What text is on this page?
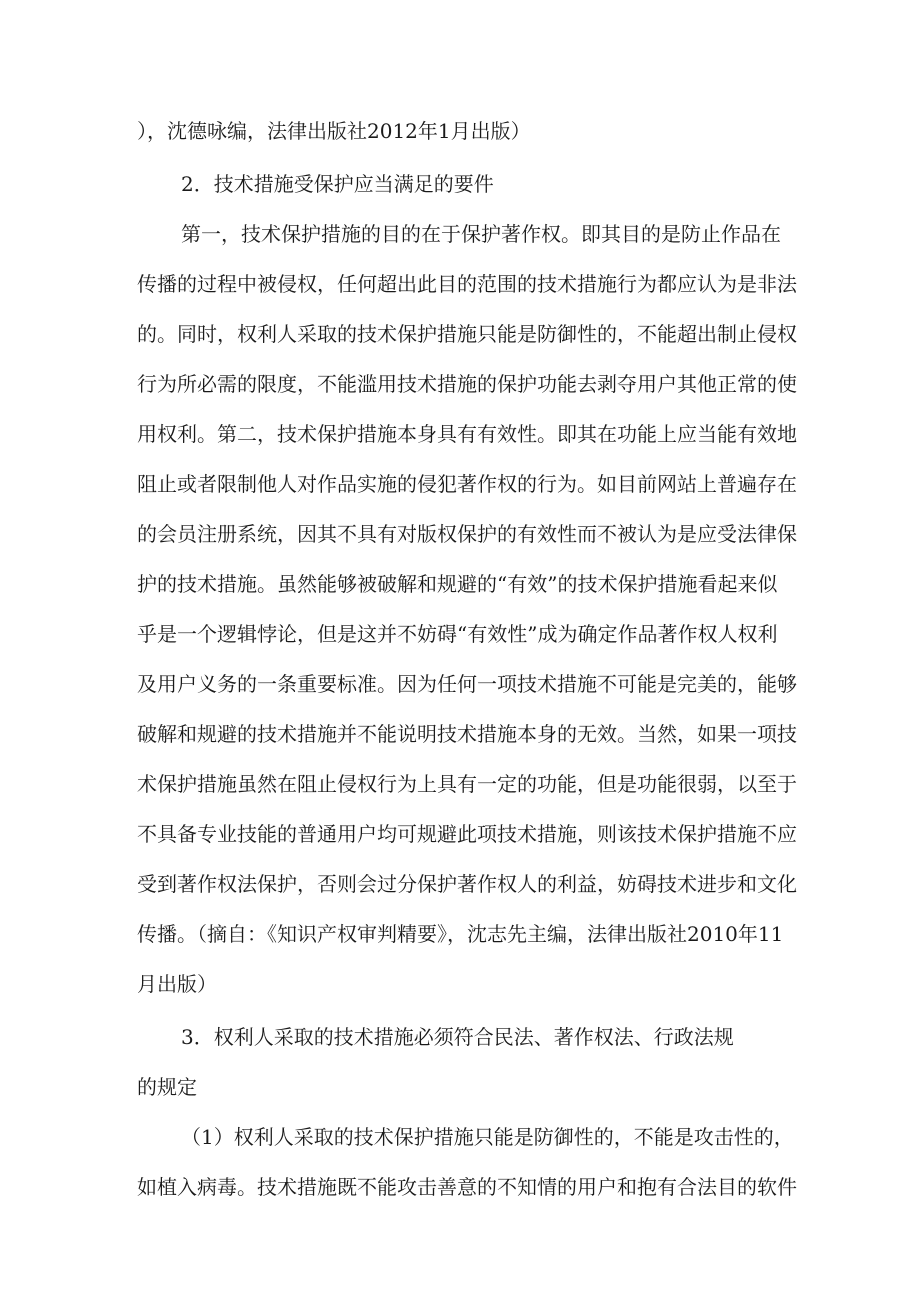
），沈德咏编，法律出版社2012年1月出版）
2．技术措施受保护应当满足的要件
第一，技术保护措施的目的在于保护著作权。即其目的是防止作品在
传播的过程中被侵权，任何超出此目的范围的技术措施行为都应认为是非法
的。同时，权利人采取的技术保护措施只能是防御性的，不能超出制止侵权
行为所必需的限度，不能滥用技术措施的保护功能去剥夺用户其他正常的使
用权利。第二，技术保护措施本身具有有效性。即其在功能上应当能有效地
阻止或者限制他人对作品实施的侵犯著作权的行为。如目前网站上普遍存在
的会员注册系统，因其不具有对版权保护的有效性而不被认为是应受法律保
护的技术措施。虽然能够被破解和规避的“有效”的技术保护措施看起来似
乎是一个逻辑悖论，但是这并不妨碍“有效性”成为确定作品著作权人权利
及用户义务的一条重要标准。因为任何一项技术措施不可能是完美的，能够
破解和规避的技术措施并不能说明技术措施本身的无效。当然，如果一项技
术保护措施虽然在阻止侵权行为上具有一定的功能，但是功能很弱，以至于
不具备专业技能的普通用户均可规避此项技术措施，则该技术保护措施不应
受到著作权法保护，否则会过分保护著作权人的利益，妨碍技术进步和文化
传播。（摘自：《知识产权审判精要》，沈志先主编，法律出版社2010年11
月出版）
3．权利人采取的技术措施必须符合民法、著作权法、行政法规
的规定
（1）权利人采取的技术保护措施只能是防御性的，不能是攻击性的，
如植入病毒。技术措施既不能攻击善意的不知情的用户和抱有合法目的软件
